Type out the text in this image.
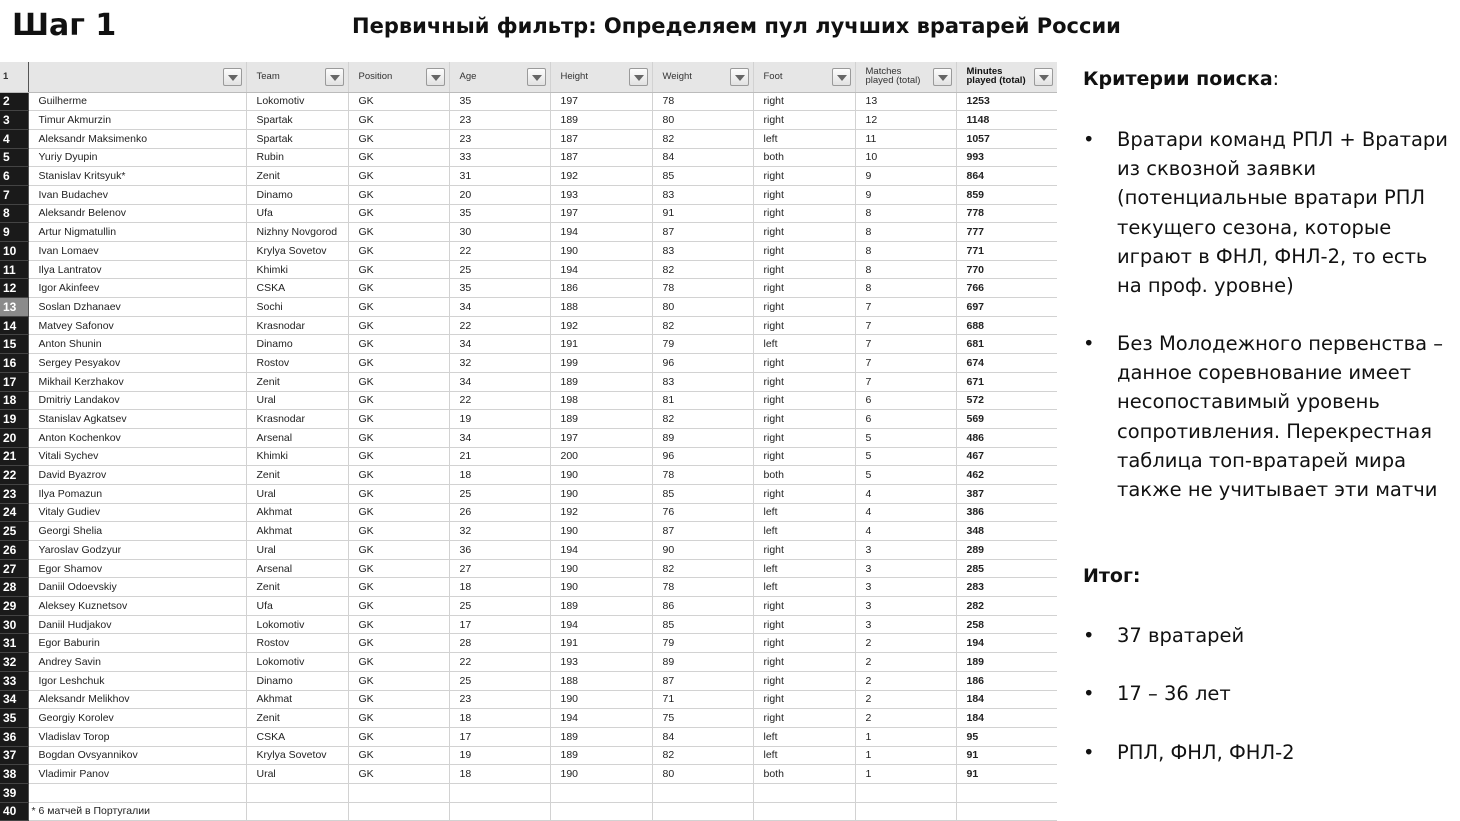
Шаг 1	Первичный фильтр: Определяем пул лучших вратарей России
1		Team	Position	Age	Height	Weight	Foot	Matches played (total)	Minutes played (total)

2	Guilherme	Lokomotiv	GK	35	197	78	right	13	1253
3	Timur Akmurzin	Spartak	GK	23	189	80	right	12	1148
4	Aleksandr Maksimenko	Spartak	GK	23	187	82	left	11	1057
5	Yuriy Dyupin	Rubin	GK	33	187	84	both	10	993
6	Stanislav Kritsyuk*	Zenit	GK	31	192	85	right	9	864
7	Ivan Budachev	Dinamo	GK	20	193	83	right	9	859
8	Aleksandr Belenov	Ufa	GK	35	197	91	right	8	778
9	Artur Nigmatullin	Nizhny Novgorod	GK	30	194	87	right	8	777
10	Ivan Lomaev	Krylya Sovetov	GK	22	190	83	right	8	771
11	Ilya Lantratov	Khimki	GK	25	194	82	right	8	770
12	Igor Akinfeev	CSKA	GK	35	186	78	right	8	766
13	Soslan Dzhanaev	Sochi	GK	34	188	80	right	7	697
14	Matvey Safonov	Krasnodar	GK	22	192	82	right	7	688
15	Anton Shunin	Dinamo	GK	34	191	79	left	7	681
16	Sergey Pesyakov	Rostov	GK	32	199	96	right	7	674
17	Mikhail Kerzhakov	Zenit	GK	34	189	83	right	7	671
18	Dmitriy Landakov	Ural	GK	22	198	81	right	6	572
19	Stanislav Agkatsev	Krasnodar	GK	19	189	82	right	6	569
20	Anton Kochenkov	Arsenal	GK	34	197	89	right	5	486
21	Vitali Sychev	Khimki	GK	21	200	96	right	5	467
22	David Byazrov	Zenit	GK	18	190	78	both	5	462
23	Ilya Pomazun	Ural	GK	25	190	85	right	4	387
24	Vitaly Gudiev	Akhmat	GK	26	192	76	left	4	386
25	Georgi Shelia	Akhmat	GK	32	190	87	left	4	348
26	Yaroslav Godzyur	Ural	GK	36	194	90	right	3	289
27	Egor Shamov	Arsenal	GK	27	190	82	left	3	285
28	Daniil Odoevskiy	Zenit	GK	18	190	78	left	3	283
29	Aleksey Kuznetsov	Ufa	GK	25	189	86	right	3	282
30	Daniil Hudjakov	Lokomotiv	GK	17	194	85	right	3	258
31	Egor Baburin	Rostov	GK	28	191	79	right	2	194
32	Andrey Savin	Lokomotiv	GK	22	193	89	right	2	189
33	Igor Leshchuk	Dinamo	GK	25	188	87	right	2	186
34	Aleksandr Melikhov	Akhmat	GK	23	190	71	right	2	184
35	Georgiy Korolev	Zenit	GK	18	194	75	right	2	184
36	Vladislav Torop	CSKA	GK	17	189	84	left	1	95
37	Bogdan Ovsyannikov	Krylya Sovetov	GK	19	189	82	left	1	91
38	Vladimir Panov	Ural	GK	18	190	80	both	1	91
39									
40	* 6 матчей в Португалии								
Критерии поиска:
• Вратари команд РПЛ + Вратари из сквозной заявки (потенциальные вратари РПЛ текущего сезона, которые играют в ФНЛ, ФНЛ-2, то есть на проф. уровне)
• Без Молодежного первенства – данное соревнование имеет несопоставимый уровень сопротивления. Перекрестная таблица топ-вратарей мира также не учитывает эти матчи
Итог:
• 37 вратарей
• 17 – 36 лет
• РПЛ, ФНЛ, ФНЛ-2
